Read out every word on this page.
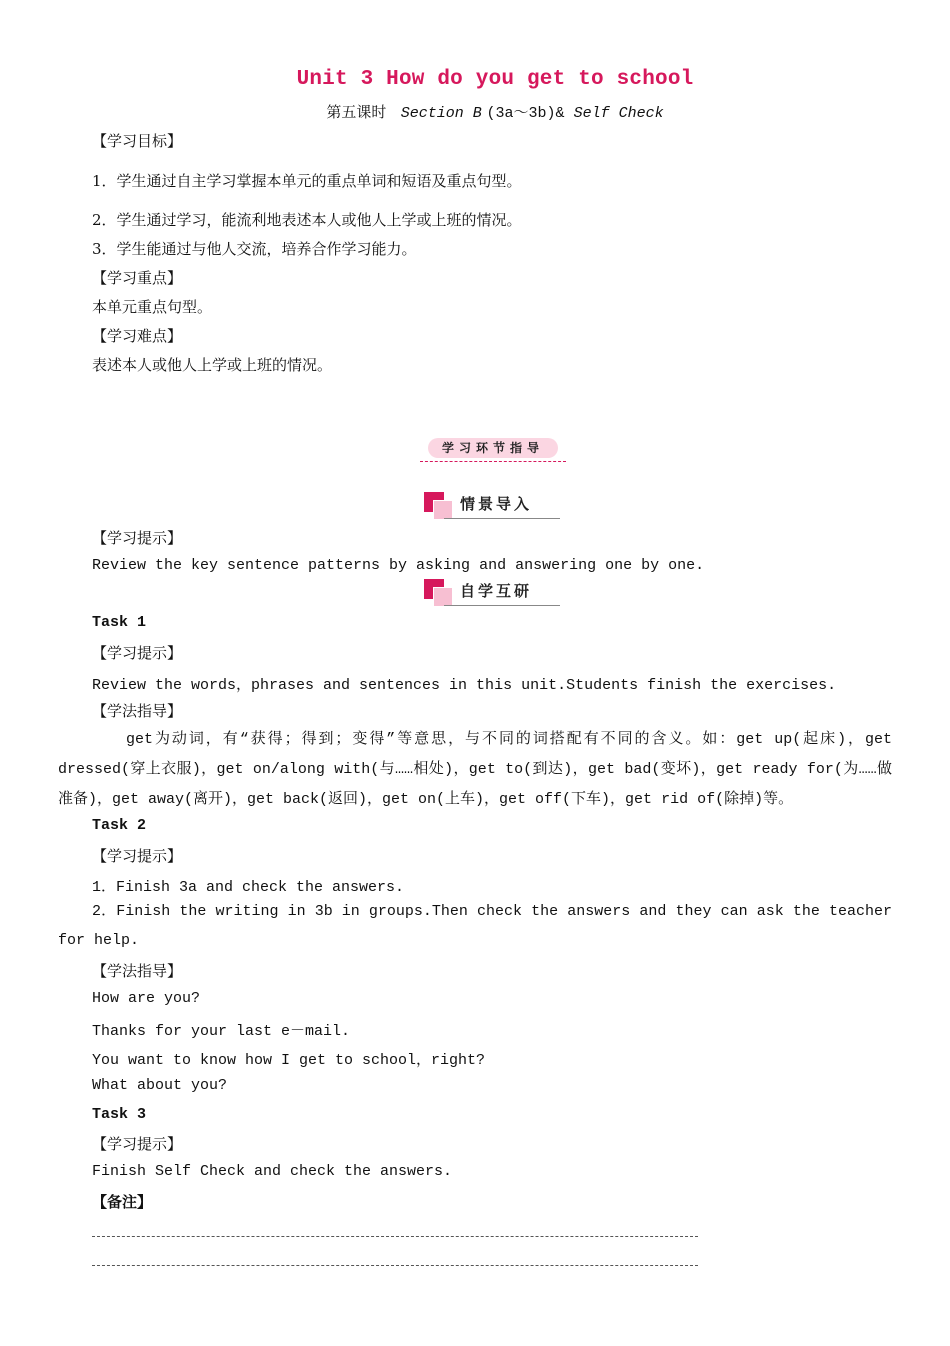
Unit 3 How do you get to school
第五课时 Section B (3a～3b)& Self Check
【学习目标】
1．学生通过自主学习掌握本单元的重点单词和短语及重点句型。
2．学生通过学习，能流利地表述本人或他人上学或上班的情况。
3．学生能通过与他人交流，培养合作学习能力。
【学习重点】
本单元重点句型。
【学习难点】
表述本人或他人上学或上班的情况。
学习环节指导
情景导入
【学习提示】
Review the key sentence patterns by asking and answering one by one.
自学互研
Task 1
【学习提示】
Review the words，phrases and sentences in this unit.Students finish the exercises.
【学法指导】
get为动词，有“获得；得到；变得”等意思，与不同的词搭配有不同的含义。如：get up(起床)，get dressed(穿上衣服)，get on/along with(与……相处)，get to(到达)，get bad(变坏)，get ready for(为……做准备)，get away(离开)，get back(返回)，get on(上车)，get off(下车)，get rid of(除掉)等。
Task 2
【学习提示】
1．Finish 3a and check the answers.
2．Finish the writing in 3b in groups.Then check the answers and they can ask the teacher for help.
【学法指导】
How are you?
Thanks for your last e－mail.
You want to know how I get to school，right?
What about you?
Task 3
【学习提示】
Finish Self Check and check the answers.
【备注】
